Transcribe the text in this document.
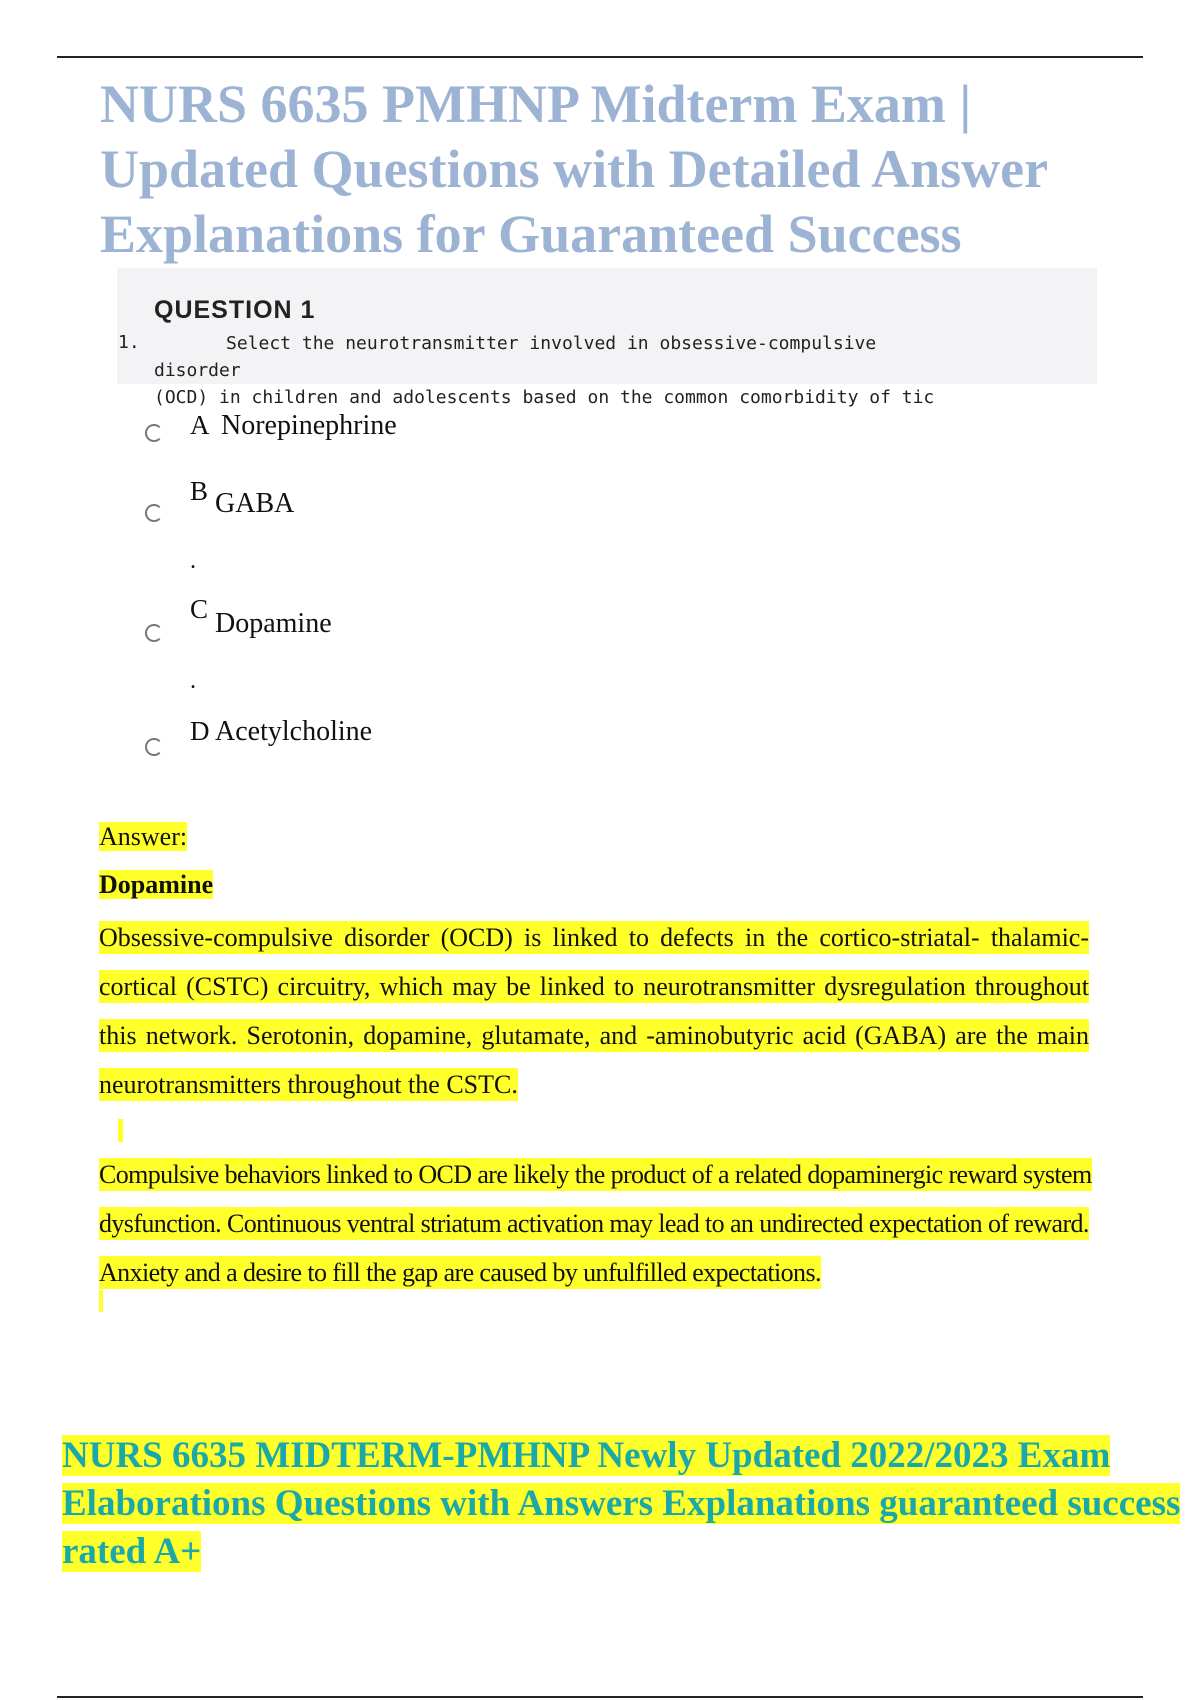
NURS 6635 PMHNP Midterm Exam | Updated Questions with Detailed Answer Explanations for Guaranteed Success
QUESTION 1
1.	Select the neurotransmitter involved in obsessive-compulsive disorder
(OCD) in children and adolescents based on the common comorbidity of tic

A Norepinephrine
B GABA
.
C Dopamine
.
D Acetylcholine
Answer:
Dopamine

Obsessive-compulsive disorder (OCD) is linked to defects in the cortico-striatal- thalamic-cortical (CSTC) circuitry, which may be linked to neurotransmitter dysregulation throughout this network. Serotonin, dopamine, glutamate, and -aminobutyric acid (GABA) are the main neurotransmitters throughout the CSTC.

Compulsive behaviors linked to OCD are likely the product of a related dopaminergic reward system dysfunction. Continuous ventral striatum activation may lead to an undirected expectation of reward. Anxiety and a desire to fill the gap are caused by unfulfilled expectations.

NURS 6635 MIDTERM-PMHNP Newly Updated 2022/2023 Exam Elaborations Questions with Answers Explanations guaranteed success rated A+
